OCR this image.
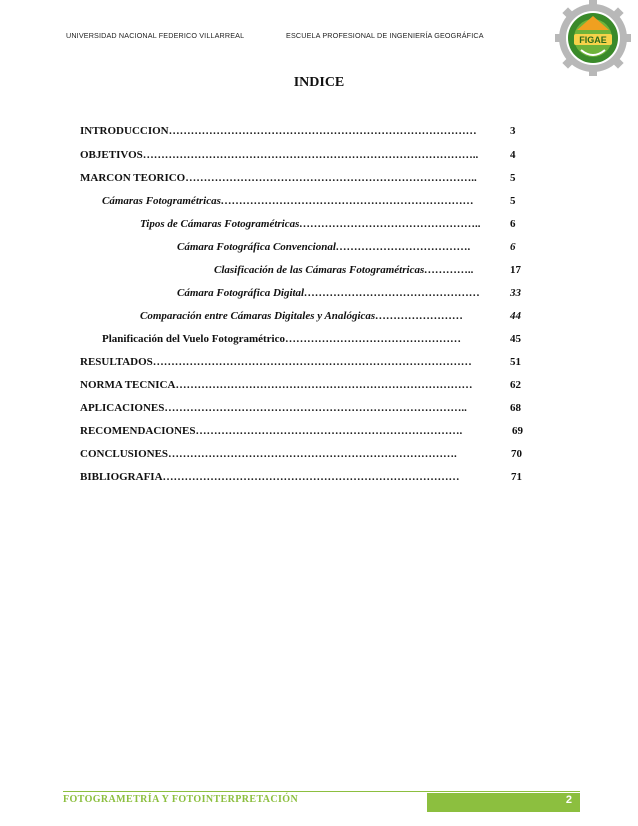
UNIVERSIDAD NACIONAL FEDERICO VILLARREAL	ESCUELA PROFESIONAL DE INGENIERÍA GEOGRÁFICA	FIGAE
INDICE
INTRODUCCION…………………………………………………………………………	3
OBJETIVOS………………………………………………………………………………..	4
MARCON TEORICO……………………………………………………………………..	5
Cámaras Fotogramétricas……………………………………………………………	5
Tipos de Cámaras Fotogramétricas…………………………………………..	6
Cámara Fotográfica Convencional……………………………….	6
Clasificación de las Cámaras Fotogramétricas…………..	17
Cámara Fotográfica Digital…………………………………………	33
Comparación entre Cámaras Digitales y Analógicas……………………	44
Planificación del Vuelo Fotogramétrico…………………………………………	45
RESULTADOS……………………………………………………………………………	51
NORMA TECNICA………………………………………………………………………	62
APLICACIONES………………………………………………………………………..	68
RECOMENDACIONES……………………………………………………………….	69
CONCLUSIONES…………………………………………………………………….	70
BIBLIOGRAFIA………………………………………………………………………	71
FOTOGRAMETRÍA Y FOTOINTERPRETACIÓN	2
